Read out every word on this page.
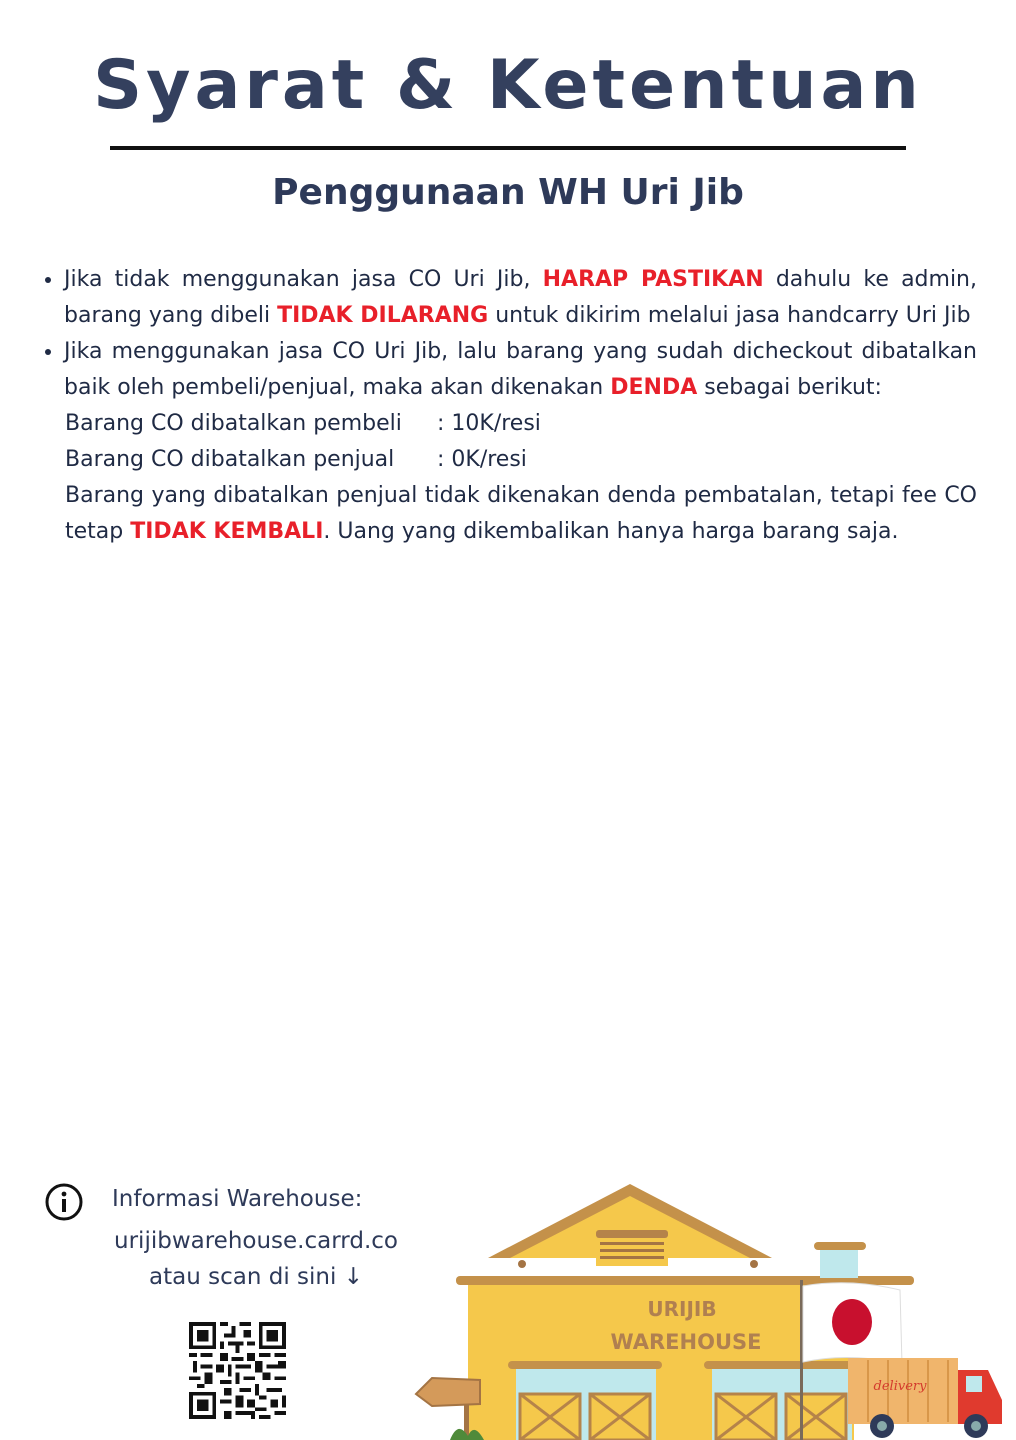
Syarat & Ketentuan
Penggunaan WH Uri Jib
• Jika tidak menggunakan jasa CO Uri Jib, HARAP PASTIKAN dahulu ke admin, barang yang dibeli TIDAK DILARANG untuk dikirim melalui jasa handcarry Uri Jib
• Jika menggunakan jasa CO Uri Jib, lalu barang yang sudah dicheckout dibatalkan baik oleh pembeli/penjual, maka akan dikenakan DENDA sebagai berikut:
Barang CO dibatalkan pembeli	: 10K/resi
Barang CO dibatalkan penjual	: 0K/resi
Barang yang dibatalkan penjual tidak dikenakan denda pembatalan, tetapi fee CO tetap TIDAK KEMBALI. Uang yang dikembalikan hanya harga barang saja.
Informasi Warehouse:
urijibwarehouse.carrd.co
atau scan di sini ↓
URIJIB
WAREHOUSE
delivery
